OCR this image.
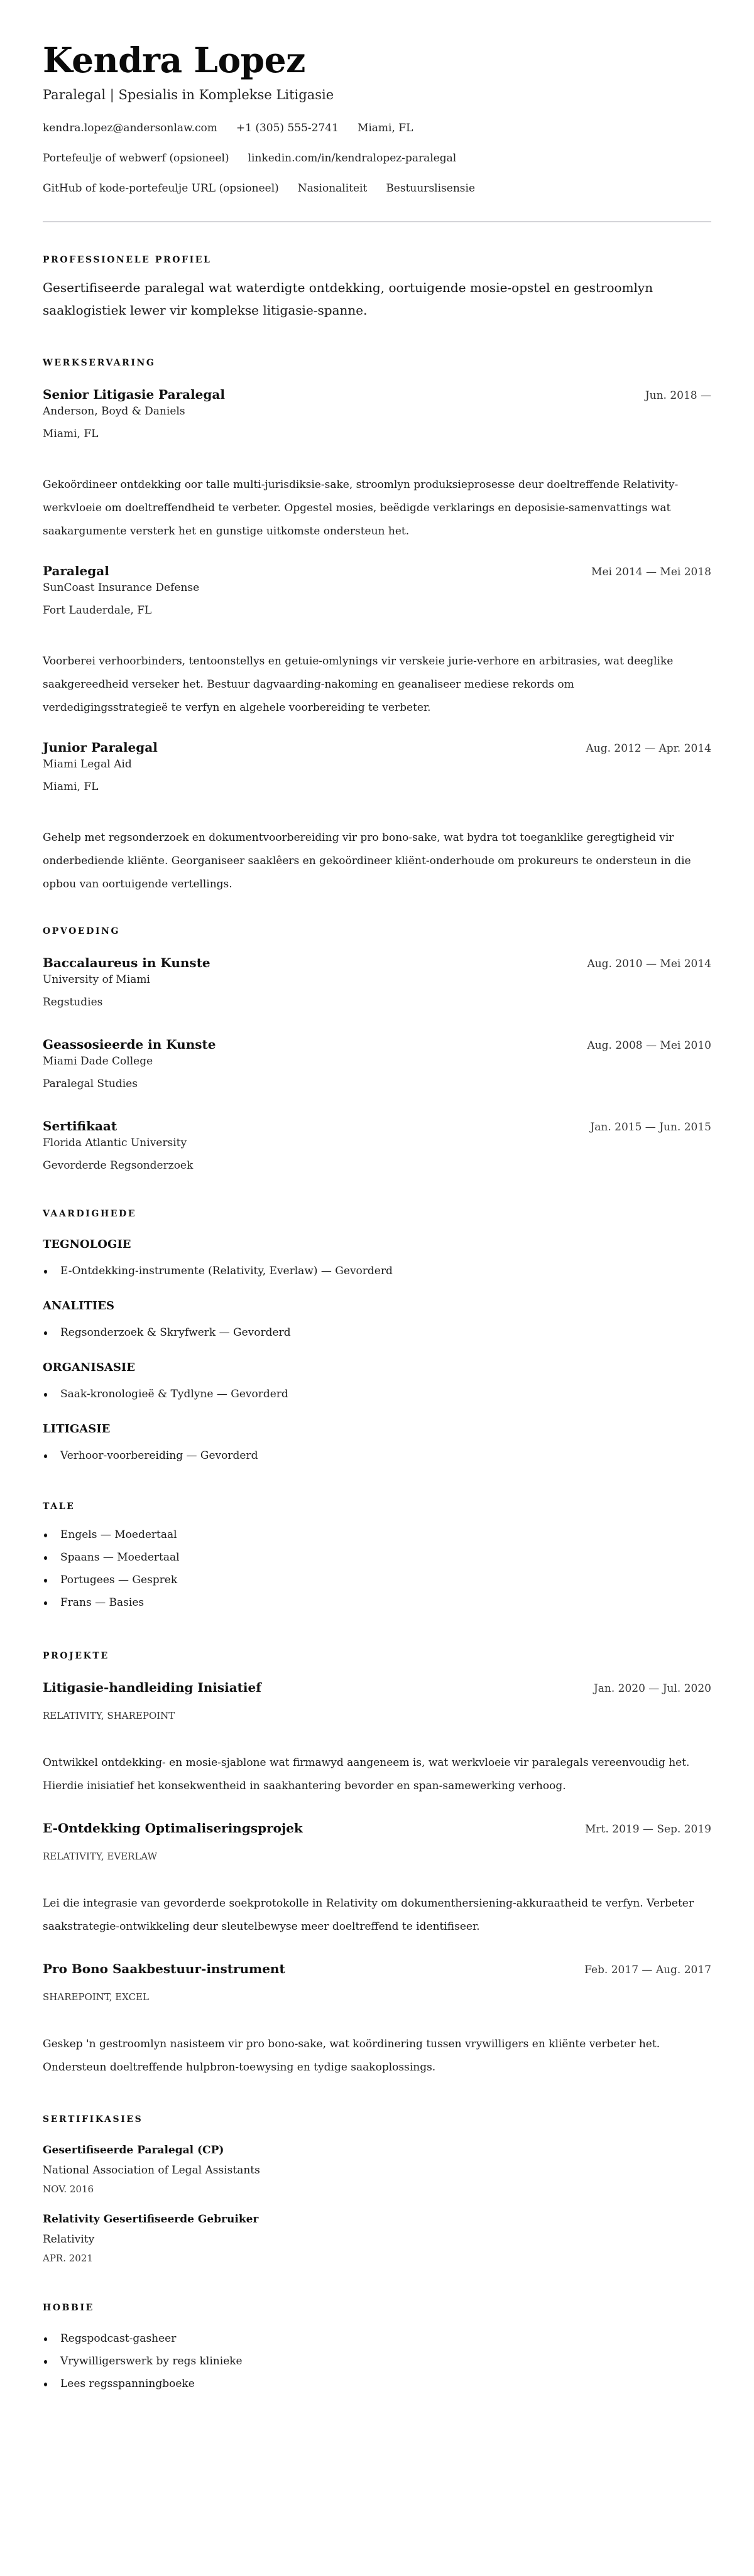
Kendra Lopez
Paralegal | Spesialis in Komplekse Litigasie
kendra.lopez@andersonlaw.com +1 (305) 555-2741 Miami, FL
Portefeulje of webwerf (opsioneel) linkedin.com/in/kendralopez-paralegal
GitHub of kode-portefeulje URL (opsioneel) Nasionaliteit Bestuurslisensie
PROFESSIONELE PROFIEL

Gesertifiseerde paralegal wat waterdigte ontdekking, oortuigende mosie-opstel en gestroomlyn saaklogistiek lewer vir komplekse litigasie-spanne.

WERKSERVARING
Senior Litigasie Paralegal	Jun. 2018 —
Anderson, Boyd & Daniels
Miami, FL

Gekoördineer ontdekking oor talle multi-jurisdiksie-sake, stroomlyn produksieprosesse deur doeltreffende Relativity-werkvloeie om doeltreffendheid te verbeter. Opgestel mosies, beëdigde verklarings en deposisie-samenvattings wat saakargumente versterk het en gunstige uitkomste ondersteun het.

Paralegal	Mei 2014 — Mei 2018
SunCoast Insurance Defense
Fort Lauderdale, FL

Voorberei verhoorbinders, tentoonstellys en getuie-omlynings vir verskeie jurie-verhore en arbitrasies, wat deeglike saakgereedheid verseker het. Bestuur dagvaarding-nakoming en geanaliseer mediese rekords om verdedigingsstrategieë te verfyn en algehele voorbereiding te verbeter.

Junior Paralegal	Aug. 2012 — Apr. 2014
Miami Legal Aid
Miami, FL

Gehelp met regsonderzoek en dokumentvoorbereiding vir pro bono-sake, wat bydra tot toeganklike geregtigheid vir onderbediende kliënte. Georganiseer saaklêers en gekoördineer kliënt-onderhoude om prokureurs te ondersteun in die opbou van oortuigende vertellings.

OPVOEDING
Baccalaureus in Kunste	Aug. 2010 — Mei 2014
University of Miami
Regstudies
Geassosieerde in Kunste	Aug. 2008 — Mei 2010
Miami Dade College
Paralegal Studies
Sertifikaat	Jan. 2015 — Jun. 2015
Florida Atlantic University
Gevorderde Regsonderzoek
VAARDIGHEDE
TEGNOLOGIE
E-Ontdekking-instrumente (Relativity, Everlaw) — Gevorderd
ANALITIES
Regsonderzoek & Skryfwerk — Gevorderd
ORGANISASIE
Saak-kronologieë & Tydlyne — Gevorderd
LITIGASIE
Verhoor-voorbereiding — Gevorderd
TALE
Engels — Moedertaal
Spaans — Moedertaal
Portugees — Gesprek
Frans — Basies
PROJEKTE
Litigasie-handleiding Inisiatief	Jan. 2020 — Jul. 2020
RELATIVITY, SHAREPOINT

Ontwikkel ontdekking- en mosie-sjablone wat firmawyd aangeneem is, wat werkvloeie vir paralegals vereenvoudig het. Hierdie inisiatief het konsekwentheid in saakhantering bevorder en span-samewerking verhoog.

E-Ontdekking Optimaliseringsprojek	Mrt. 2019 — Sep. 2019
RELATIVITY, EVERLAW

Lei die integrasie van gevorderde soekprotokolle in Relativity om dokumenthersiening-akkuraatheid te verfyn. Verbeter saakstrategie-ontwikkeling deur sleutelbewyse meer doeltreffend te identifiseer.

Pro Bono Saakbestuur-instrument	Feb. 2017 — Aug. 2017
SHAREPOINT, EXCEL

Geskep 'n gestroomlyn nasisteem vir pro bono-sake, wat koördinering tussen vrywilligers en kliënte verbeter het. Ondersteun doeltreffende hulpbron-toewysing en tydige saakoplossings.

SERTIFIKASIES
Gesertifiseerde Paralegal (CP)
National Association of Legal Assistants
NOV. 2016
Relativity Gesertifiseerde Gebruiker
Relativity
APR. 2021
HOBBIE
Regspodcast-gasheer
Vrywilligerswerk by regs klinieke
Lees regsspanningboeke
